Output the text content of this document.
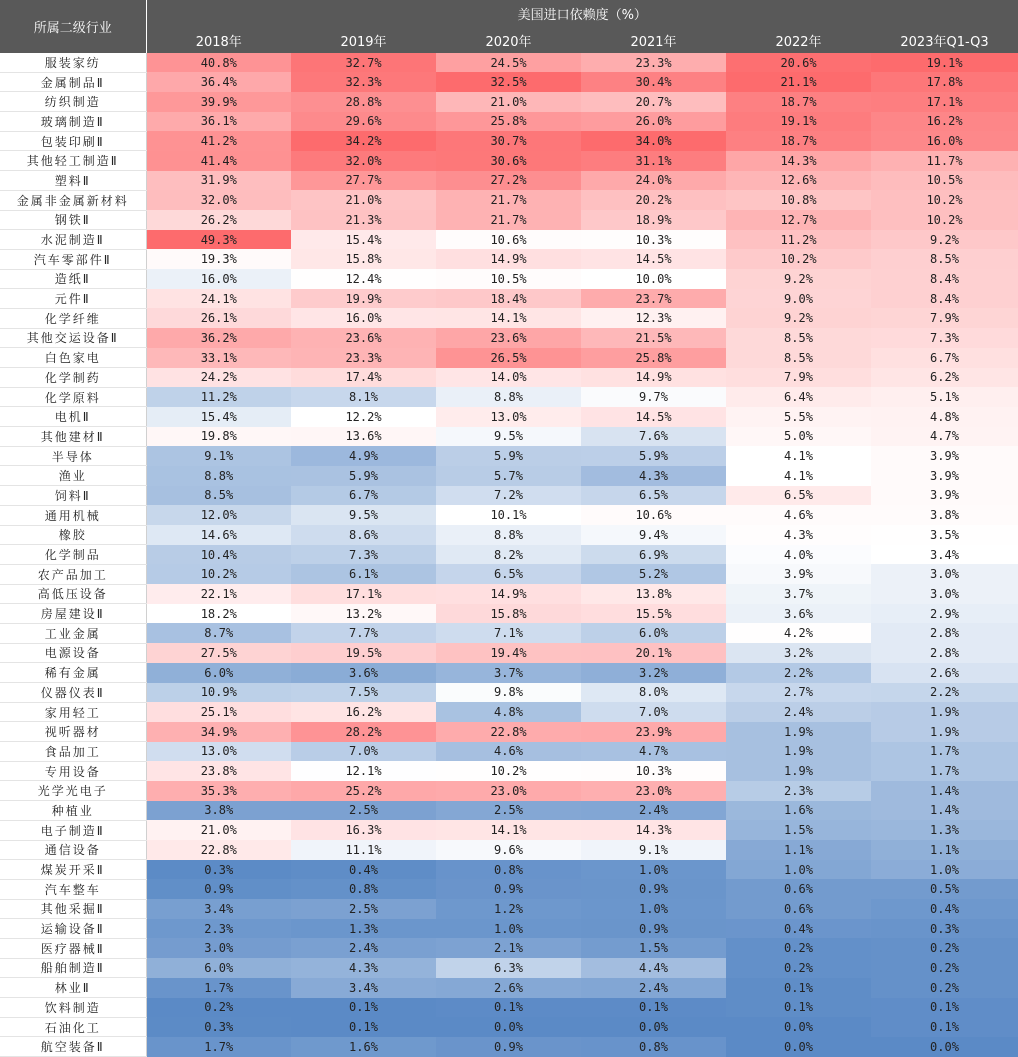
所属二级行业	美国进口依赖度（%）					
	2018年	2019年	2020年	2021年	2022年	2023年Q1-Q3
服装家纺	40.8%	32.7%	24.5%	23.3%	20.6%	19.1%
金属制品Ⅱ	36.4%	32.3%	32.5%	30.4%	21.1%	17.8%
纺织制造	39.9%	28.8%	21.0%	20.7%	18.7%	17.1%
玻璃制造Ⅱ	36.1%	29.6%	25.8%	26.0%	19.1%	16.2%
包装印刷Ⅱ	41.2%	34.2%	30.7%	34.0%	18.7%	16.0%
其他轻工制造Ⅱ	41.4%	32.0%	30.6%	31.1%	14.3%	11.7%
塑料Ⅱ	31.9%	27.7%	27.2%	24.0%	12.6%	10.5%
金属非金属新材料	32.0%	21.0%	21.7%	20.2%	10.8%	10.2%
钢铁Ⅱ	26.2%	21.3%	21.7%	18.9%	12.7%	10.2%
水泥制造Ⅱ	49.3%	15.4%	10.6%	10.3%	11.2%	9.2%
汽车零部件Ⅱ	19.3%	15.8%	14.9%	14.5%	10.2%	8.5%
造纸Ⅱ	16.0%	12.4%	10.5%	10.0%	9.2%	8.4%
元件Ⅱ	24.1%	19.9%	18.4%	23.7%	9.0%	8.4%
化学纤维	26.1%	16.0%	14.1%	12.3%	9.2%	7.9%
其他交运设备Ⅱ	36.2%	23.6%	23.6%	21.5%	8.5%	7.3%
白色家电	33.1%	23.3%	26.5%	25.8%	8.5%	6.7%
化学制药	24.2%	17.4%	14.0%	14.9%	7.9%	6.2%
化学原料	11.2%	8.1%	8.8%	9.7%	6.4%	5.1%
电机Ⅱ	15.4%	12.2%	13.0%	14.5%	5.5%	4.8%
其他建材Ⅱ	19.8%	13.6%	9.5%	7.6%	5.0%	4.7%
半导体	9.1%	4.9%	5.9%	5.9%	4.1%	3.9%
渔业	8.8%	5.9%	5.7%	4.3%	4.1%	3.9%
饲料Ⅱ	8.5%	6.7%	7.2%	6.5%	6.5%	3.9%
通用机械	12.0%	9.5%	10.1%	10.6%	4.6%	3.8%
橡胶	14.6%	8.6%	8.8%	9.4%	4.3%	3.5%
化学制品	10.4%	7.3%	8.2%	6.9%	4.0%	3.4%
农产品加工	10.2%	6.1%	6.5%	5.2%	3.9%	3.0%
高低压设备	22.1%	17.1%	14.9%	13.8%	3.7%	3.0%
房屋建设Ⅱ	18.2%	13.2%	15.8%	15.5%	3.6%	2.9%
工业金属	8.7%	7.7%	7.1%	6.0%	4.2%	2.8%
电源设备	27.5%	19.5%	19.4%	20.1%	3.2%	2.8%
稀有金属	6.0%	3.6%	3.7%	3.2%	2.2%	2.6%
仪器仪表Ⅱ	10.9%	7.5%	9.8%	8.0%	2.7%	2.2%
家用轻工	25.1%	16.2%	4.8%	7.0%	2.4%	1.9%
视听器材	34.9%	28.2%	22.8%	23.9%	1.9%	1.9%
食品加工	13.0%	7.0%	4.6%	4.7%	1.9%	1.7%
专用设备	23.8%	12.1%	10.2%	10.3%	1.9%	1.7%
光学光电子	35.3%	25.2%	23.0%	23.0%	2.3%	1.4%
种植业	3.8%	2.5%	2.5%	2.4%	1.6%	1.4%
电子制造Ⅱ	21.0%	16.3%	14.1%	14.3%	1.5%	1.3%
通信设备	22.8%	11.1%	9.6%	9.1%	1.1%	1.1%
煤炭开采Ⅱ	0.3%	0.4%	0.8%	1.0%	1.0%	1.0%
汽车整车	0.9%	0.8%	0.9%	0.9%	0.6%	0.5%
其他采掘Ⅱ	3.4%	2.5%	1.2%	1.0%	0.6%	0.4%
运输设备Ⅱ	2.3%	1.3%	1.0%	0.9%	0.4%	0.3%
医疗器械Ⅱ	3.0%	2.4%	2.1%	1.5%	0.2%	0.2%
船舶制造Ⅱ	6.0%	4.3%	6.3%	4.4%	0.2%	0.2%
林业Ⅱ	1.7%	3.4%	2.6%	2.4%	0.1%	0.2%
饮料制造	0.2%	0.1%	0.1%	0.1%	0.1%	0.1%
石油化工	0.3%	0.1%	0.0%	0.0%	0.0%	0.1%
航空装备Ⅱ	1.7%	1.6%	0.9%	0.8%	0.0%	0.0%
